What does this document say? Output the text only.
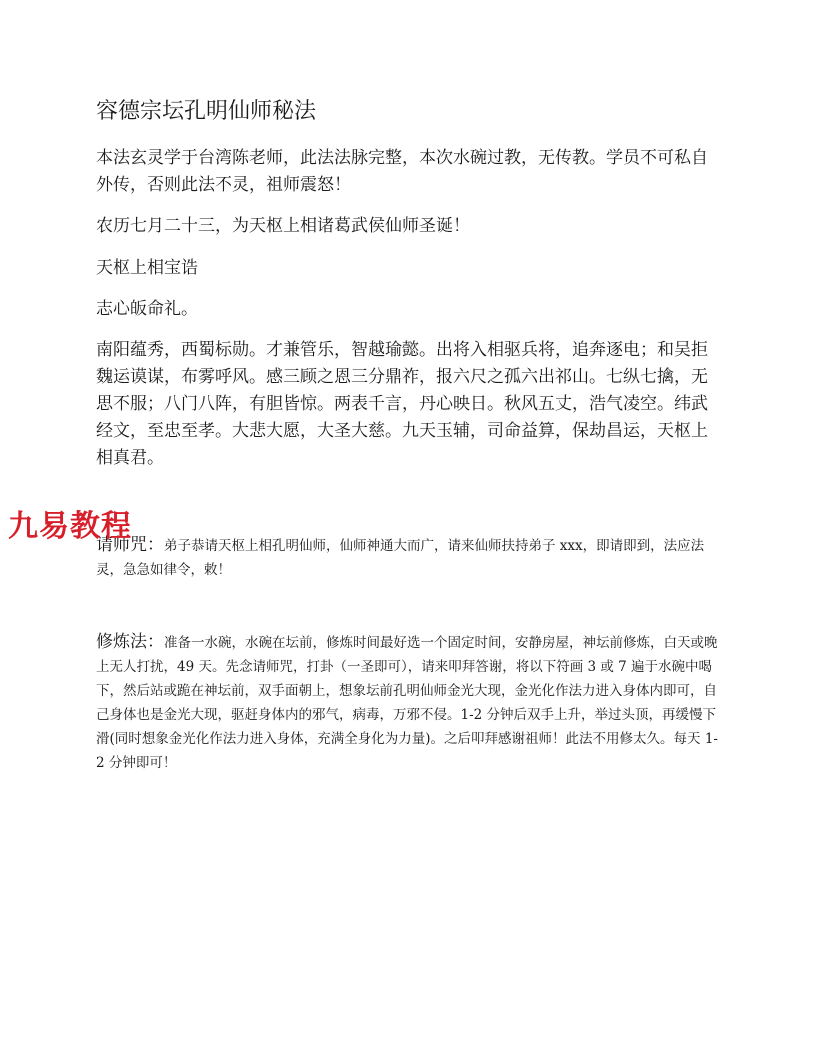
容德宗坛孔明仙师秘法

本法玄灵学于台湾陈老师，此法法脉完整，本次水碗过教，无传教。学员不可私自外传，否则此法不灵，祖师震怒！

农历七月二十三，为天枢上相诸葛武侯仙师圣诞！

天枢上相宝诰

志心皈命礼。

南阳蕴秀，西蜀标勋。才兼管乐，智越瑜懿。出将入相驱兵将，追奔逐电；和吴拒魏运谟谋，布雾呼风。感三顾之恩三分鼎祚，报六尺之孤六出祁山。七纵七擒，无思不服；八门八阵，有胆皆惊。两表千言，丹心映日。秋风五丈，浩气凌空。纬武经文，至忠至孝。大悲大愿，大圣大慈。九天玉辅，司命益算，保劫昌运，天枢上相真君。

请师咒：弟子恭请天枢上相孔明仙师，仙师神通大而广，请来仙师扶持弟子 xxx，即请即到，法应法灵，急急如律令，敕！

修炼法：准备一水碗，水碗在坛前，修炼时间最好选一个固定时间，安静房屋，神坛前修炼，白天或晚上无人打扰，49 天。先念请师咒，打卦（一圣即可），请来叩拜答谢，将以下符画 3 或 7 遍于水碗中喝下，然后站或跪在神坛前，双手面朝上，想象坛前孔明仙师金光大现，金光化作法力进入身体内即可，自己身体也是金光大现，驱赶身体内的邪气，病毒，万邪不侵。1-2 分钟后双手上升，举过头顶，再缓慢下滑(同时想象金光化作法力进入身体，充满全身化为力量)。之后叩拜感谢祖师！此法不用修太久。每天 1-2 分钟即可！

九易教程
